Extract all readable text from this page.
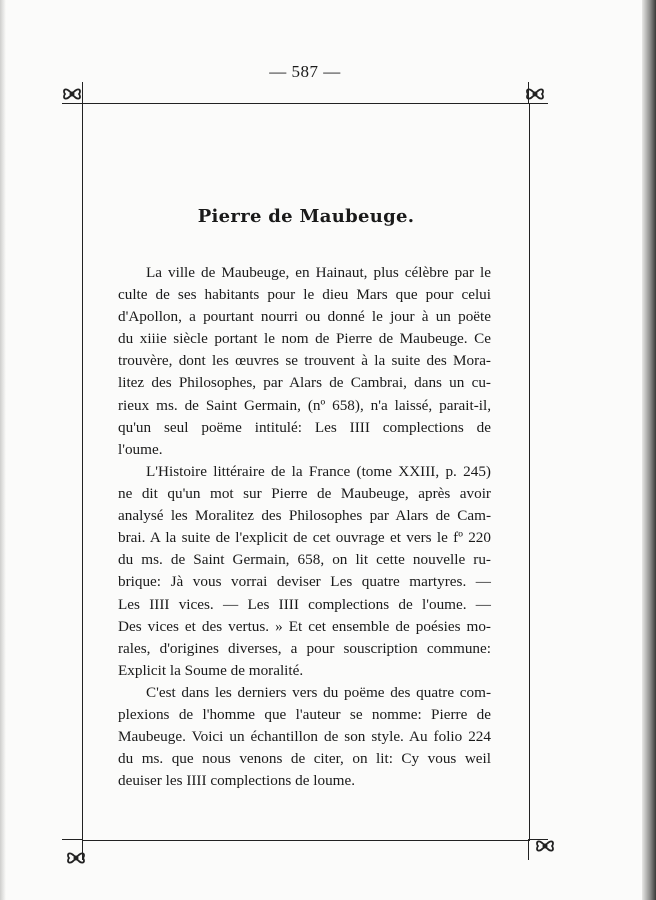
— 587 —
Pierre de Maubeuge.
La ville de Maubeuge, en Hainaut, plus célèbre par le
culte de ses habitants pour le dieu Mars que pour celui
d'Apollon, a pourtant nourri ou donné le jour à un poëte
du xiiie siècle portant le nom de Pierre de Maubeuge. Ce
trouvère, dont les œuvres se trouvent à la suite des Mora-
litez des Philosophes, par Alars de Cambrai, dans un cu-
rieux ms. de Saint Germain, (nº 658), n'a laissé, parait-il,
qu'un seul poëme intitulé: Les IIII complections de
l'oume.
L'Histoire littéraire de la France (tome XXIII, p. 245)
ne dit qu'un mot sur Pierre de Maubeuge, après avoir
analysé les Moralitez des Philosophes par Alars de Cam-
brai. A la suite de l'explicit de cet ouvrage et vers le fº 220
du ms. de Saint Germain, 658, on lit cette nouvelle ru-
brique: Jà vous vorrai deviser Les quatre martyres. —
Les IIII vices. — Les IIII complections de l'oume. —
Des vices et des vertus. » Et cet ensemble de poésies mo-
rales, d'origines diverses, a pour souscription commune:
Explicit la Soume de moralité.
C'est dans les derniers vers du poëme des quatre com-
plexions de l'homme que l'auteur se nomme: Pierre de
Maubeuge. Voici un échantillon de son style. Au folio 224
du ms. que nous venons de citer, on lit: Cy vous weil
deuiser les IIII complections de loume.
